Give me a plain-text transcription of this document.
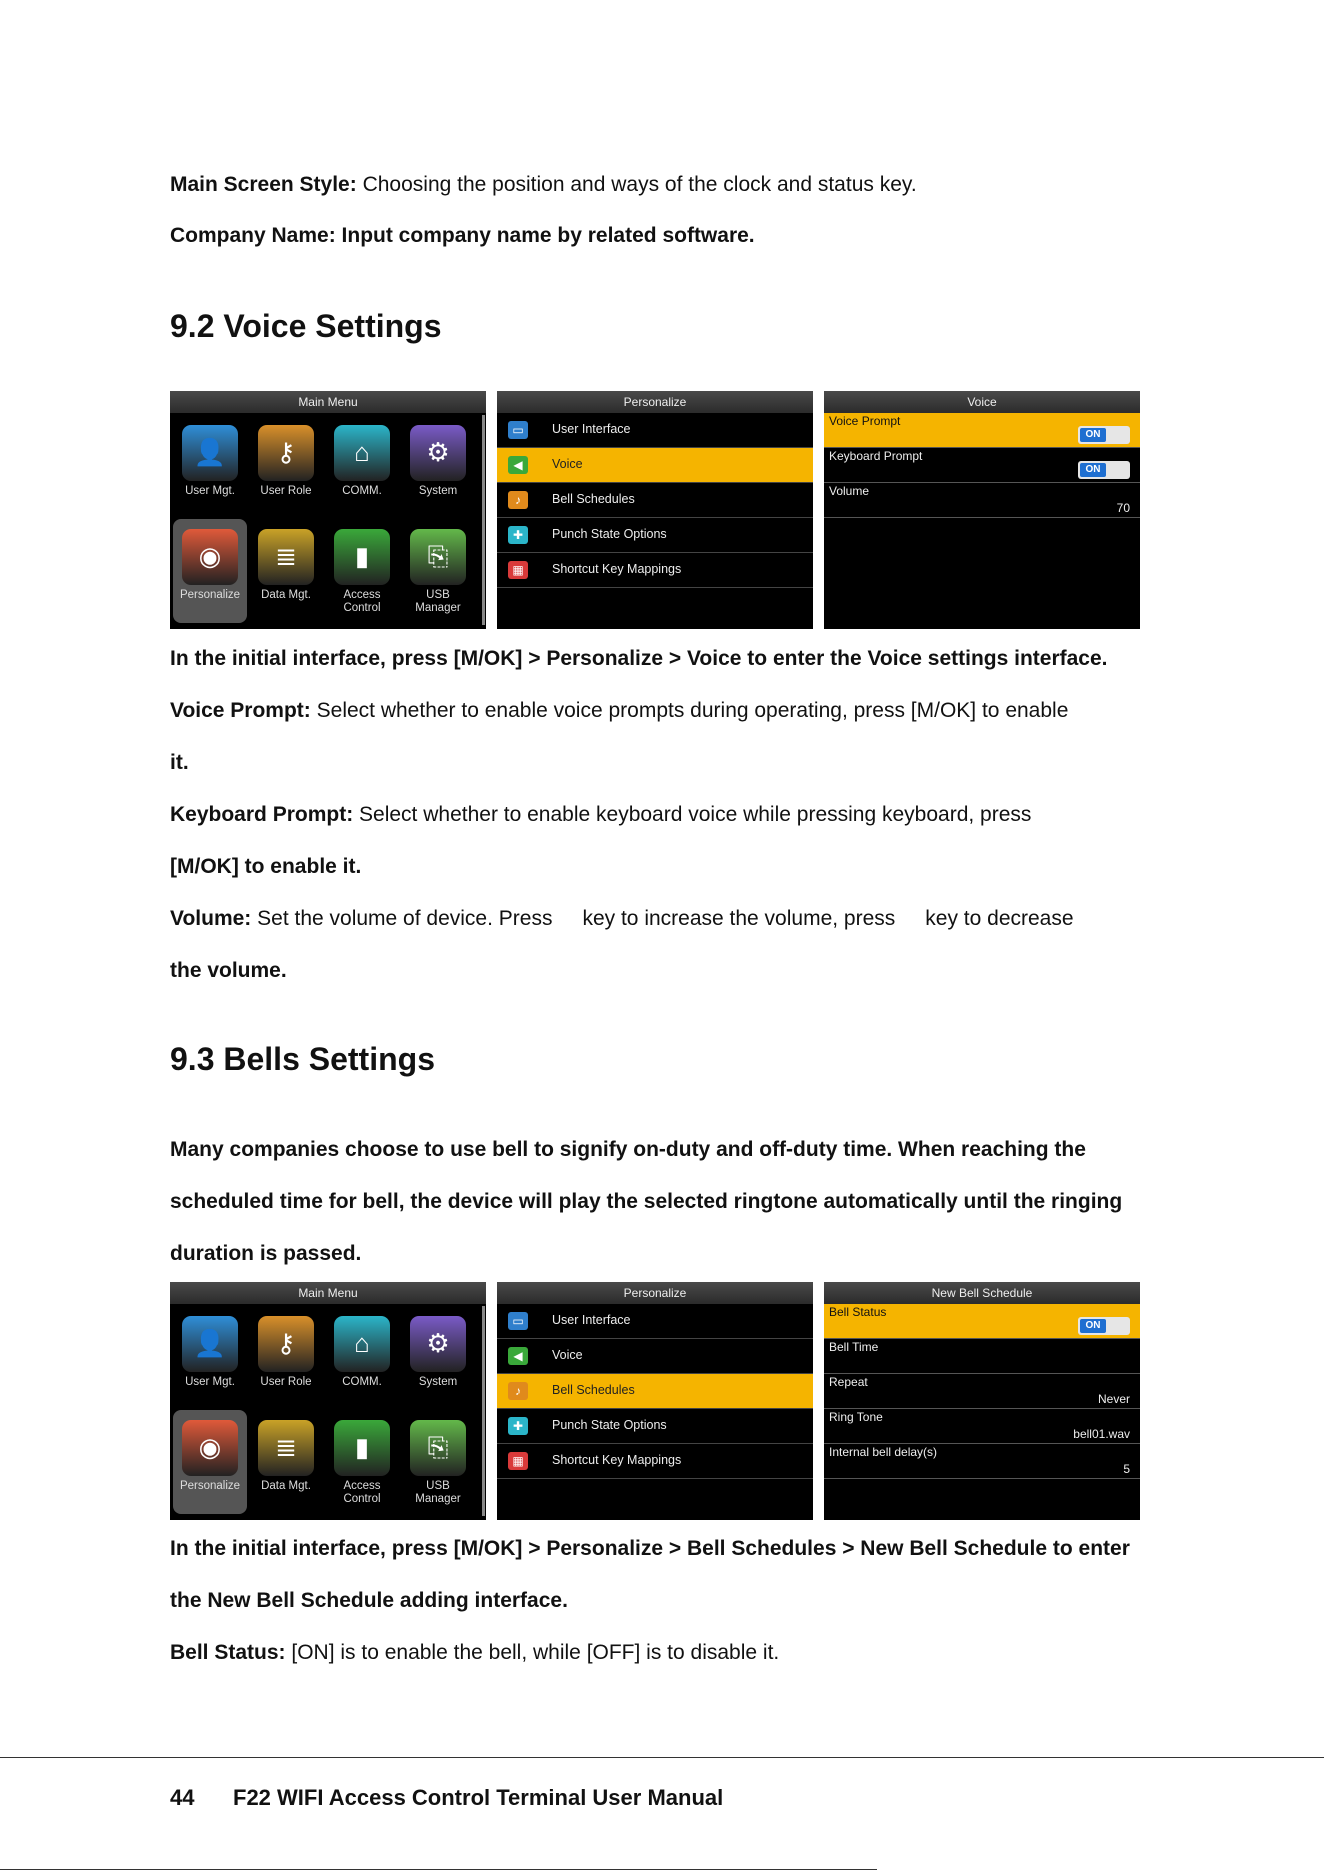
Main Screen Style: Choosing the position and ways of the clock and status key.
Company Name: Input company name by related software.
9.2 Voice Settings
Main Menu
👤
User Mgt.
⚷
User Role
⌂
COMM.
⚙
System
◉
Personalize
≣
Data Mgt.
▮
Access Control
⎘
USB Manager
Personalize
▭	User Interface
◀	Voice
♪	Bell Schedules
✚	Punch State Options
▦	Shortcut Key Mappings
Voice
Voice Prompt
ON
Keyboard Prompt
ON
Volume
70
In the initial interface, press [M/OK] > Personalize > Voice to enter the Voice settings interface.
Voice Prompt: Select whether to enable voice prompts during operating, press [M/OK] to enable
it.
Keyboard Prompt: Select whether to enable keyboard voice while pressing keyboard, press
[M/OK] to enable it.
Volume: Set the volume of device. Press key to increase the volume, press key to decrease
the volume.
9.3 Bells Settings
Many companies choose to use bell to signify on-duty and off-duty time. When reaching the
scheduled time for bell, the device will play the selected ringtone automatically until the ringing
duration is passed.
Main Menu
👤
User Mgt.
⚷
User Role
⌂
COMM.
⚙
System
◉
Personalize
≣
Data Mgt.
▮
Access Control
⎘
USB Manager
Personalize
▭	User Interface
◀	Voice
♪	Bell Schedules
✚	Punch State Options
▦	Shortcut Key Mappings
New Bell Schedule
Bell Status
ON
Bell Time
Repeat
Never
Ring Tone
bell01.wav
Internal bell delay(s)
5
In the initial interface, press [M/OK] > Personalize > Bell Schedules > New Bell Schedule to enter
the New Bell Schedule adding interface.
Bell Status: [ON] is to enable the bell, while [OFF] is to disable it.
44 F22 WIFI Access Control Terminal User Manual
